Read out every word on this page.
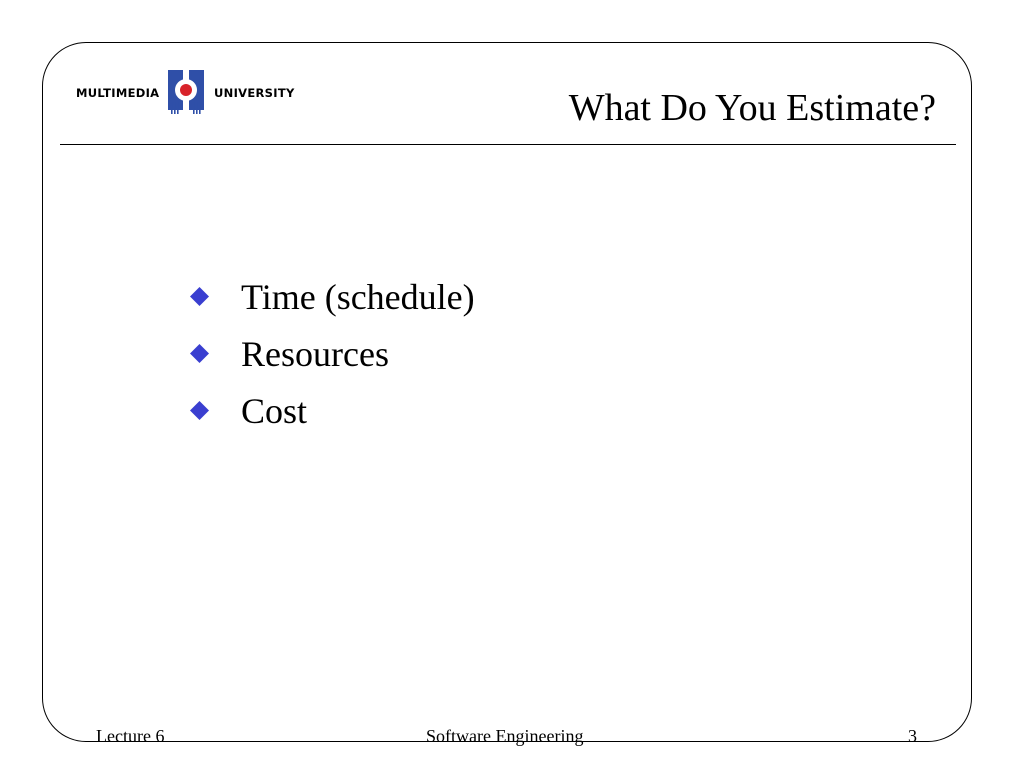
MULTIMEDIA	UNIVERSITY	What Do You Estimate?
Time (schedule)
Resources
Cost
Lecture 6	Software Engineering	3
